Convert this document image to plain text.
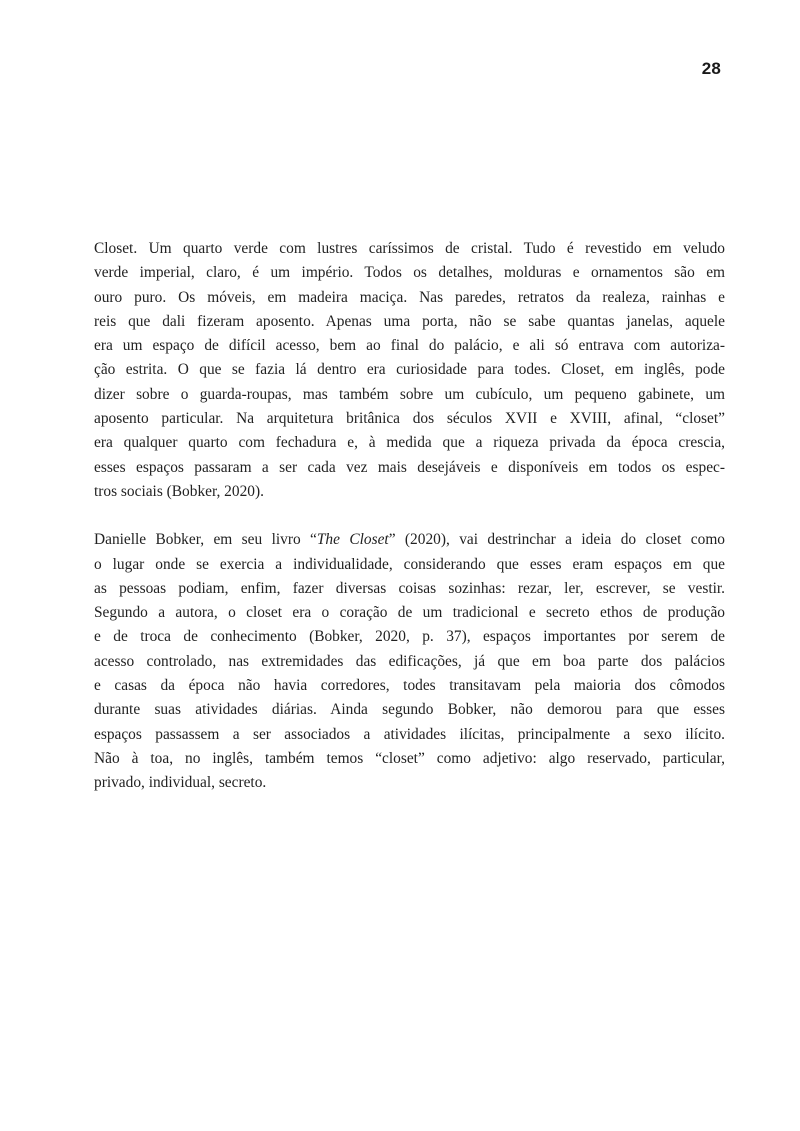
28

Closet. Um quarto verde com lustres caríssimos de cristal. Tudo é revestido em veludo
verde imperial, claro, é um império. Todos os detalhes, molduras e ornamentos são em
ouro puro. Os móveis, em madeira maciça. Nas paredes, retratos da realeza, rainhas e
reis que dali fizeram aposento. Apenas uma porta, não se sabe quantas janelas, aquele
era um espaço de difícil acesso, bem ao final do palácio, e ali só entrava com autoriza-
ção estrita. O que se fazia lá dentro era curiosidade para todes. Closet, em inglês, pode
dizer sobre o guarda-roupas, mas também sobre um cubículo, um pequeno gabinete, um
aposento particular. Na arquitetura britânica dos séculos XVII e XVIII, afinal, “closet”
era qualquer quarto com fechadura e, à medida que a riqueza privada da época crescia,
esses espaços passaram a ser cada vez mais desejáveis e disponíveis em todos os espec-
tros sociais (Bobker, 2020).

Danielle Bobker, em seu livro “The Closet” (2020), vai destrinchar a ideia do closet como
o lugar onde se exercia a individualidade, considerando que esses eram espaços em que
as pessoas podiam, enfim, fazer diversas coisas sozinhas: rezar, ler, escrever, se vestir.
Segundo a autora, o closet era o coração de um tradicional e secreto ethos de produção
e de troca de conhecimento (Bobker, 2020, p. 37), espaços importantes por serem de
acesso controlado, nas extremidades das edificações, já que em boa parte dos palácios
e casas da época não havia corredores, todes transitavam pela maioria dos cômodos
durante suas atividades diárias. Ainda segundo Bobker, não demorou para que esses
espaços passassem a ser associados a atividades ilícitas, principalmente a sexo ilícito.
Não à toa, no inglês, também temos “closet” como adjetivo: algo reservado, particular,
privado, individual, secreto.
